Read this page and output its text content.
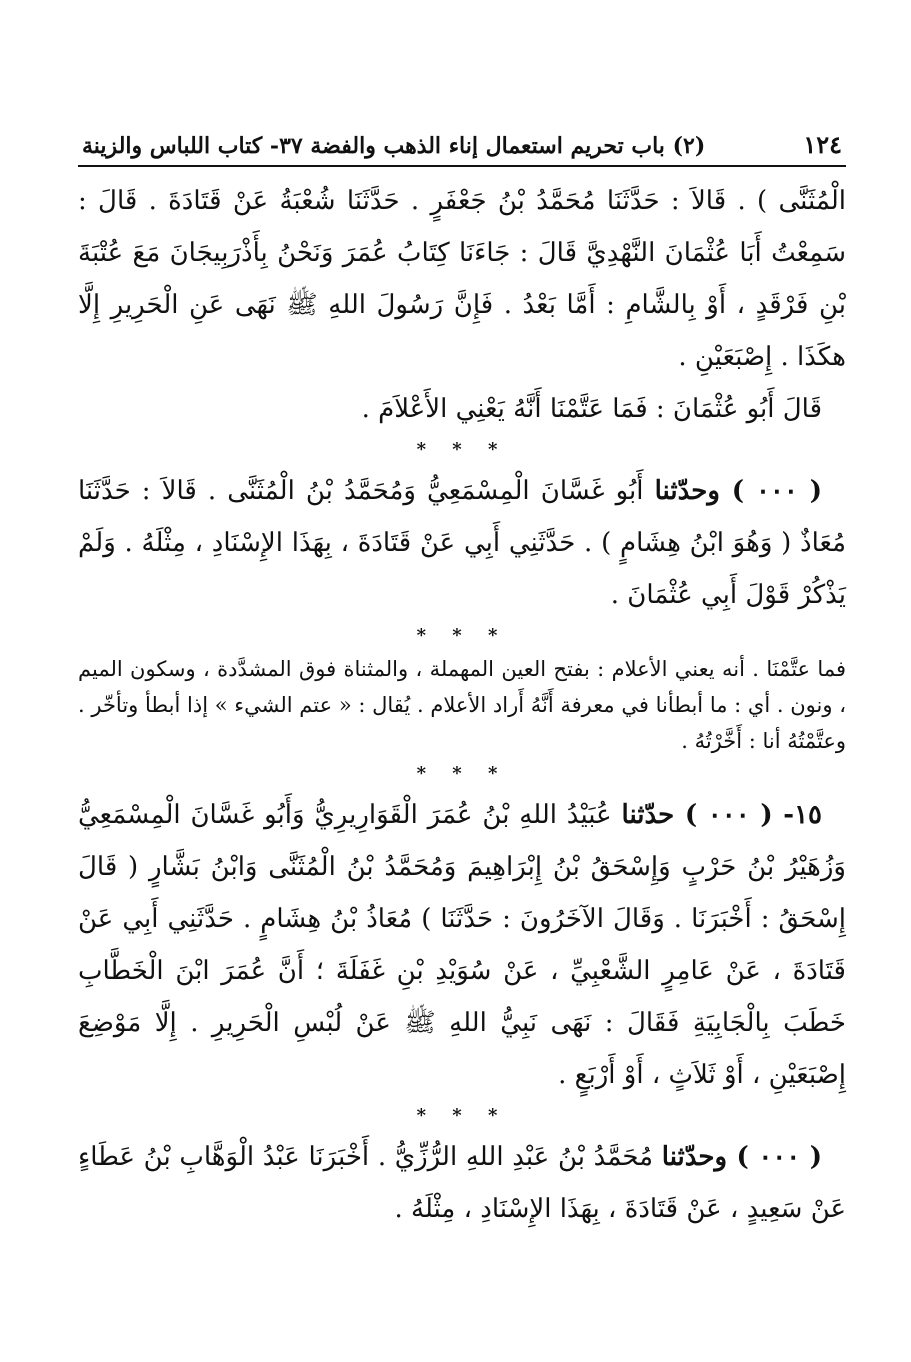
١٢٤
(٢) باب تحريم استعمال إناء الذهب والفضة ٣٧- كتاب اللباس والزينة

الْمُثَنَّى ) . قَالاَ : حَدَّثَنَا مُحَمَّدُ بْنُ جَعْفَرٍ . حَدَّثَنَا شُعْبَةُ عَنْ قَتَادَةَ . قَالَ : سَمِعْتُ أَبَا عُثْمَانَ النَّهْدِيَّ قَالَ : جَاءَنَا كِتَابُ عُمَرَ وَنَحْنُ بِأَذْرَبِيجَانَ مَعَ عُتْبَةَ بْنِ فَرْقَدٍ ، أَوْ بِالشَّامِ : أَمَّا بَعْدُ . فَإِنَّ رَسُولَ اللهِ ﷺ نَهَى عَنِ الْحَرِيرِ إِلَّا هكَذَا . إِصْبَعَيْنِ .

قَالَ أَبُو عُثْمَانَ : فَمَا عَتَّمْنَا أَنَّهُ يَعْنِي الأَعْلاَمَ .

* * *

( ٠٠٠ ) وحدّثنا أَبُو غَسَّانَ الْمِسْمَعِيُّ وَمُحَمَّدُ بْنُ الْمُثَنَّى . قَالاَ : حَدَّثَنَا مُعَاذٌ ( وَهُوَ ابْنُ هِشَامٍ ) . حَدَّثَنِي أَبِي عَنْ قَتَادَةَ ، بِهَذَا الإِسْنَادِ ، مِثْلَهُ . وَلَمْ يَذْكُرْ قَوْلَ أَبِي عُثْمَانَ .

* * *

فما عتَّمْنَا . أنه يعني الأعلام : بفتح العين المهملة ، والمثناة فوق المشدَّدة ، وسكون الميم ، ونون . أي : ما أبطأنا في معرفة أَنَّهُ أَراد الأعلام . يُقال : « عتم الشيء » إذا أبطأ وتأخّر . وعتَّمْتُهُ أنا : أَخَّرْتُهُ .

* * *

١٥- ( ٠٠٠ ) حدّثنا عُبَيْدُ اللهِ بْنُ عُمَرَ الْقَوَارِيرِيُّ وَأَبُو غَسَّانَ الْمِسْمَعِيُّ وَزُهَيْرُ بْنُ حَرْبٍ وَإِسْحَقُ بْنُ إِبْرَاهِيمَ وَمُحَمَّدُ بْنُ الْمُثَنَّى وَابْنُ بَشَّارٍ ( قَالَ إِسْحَقُ : أَخْبَرَنَا . وَقَالَ الآخَرُونَ : حَدَّثَنَا ) مُعَاذُ بْنُ هِشَامٍ . حَدَّثَنِي أَبِي عَنْ قَتَادَةَ ، عَنْ عَامِرٍ الشَّعْبِيِّ ، عَنْ سُوَيْدِ بْنِ غَفَلَةَ ؛ أَنَّ عُمَرَ ابْنَ الْخَطَّابِ خَطَبَ بِالْجَابِيَةِ فَقَالَ : نَهَى نَبِيُّ اللهِ ﷺ عَنْ لُبْسِ الْحَرِيرِ . إِلَّا مَوْضِعَ إِصْبَعَيْنِ ، أَوْ ثَلاَثٍ ، أَوْ أَرْبَعٍ .

* * *

( ٠٠٠ ) وحدّثنا مُحَمَّدُ بْنُ عَبْدِ اللهِ الرُّزِّيُّ . أَخْبَرَنَا عَبْدُ الْوَهَّابِ بْنُ عَطَاءٍ عَنْ سَعِيدٍ ، عَنْ قَتَادَةَ ، بِهَذَا الإِسْنَادِ ، مِثْلَهُ .
